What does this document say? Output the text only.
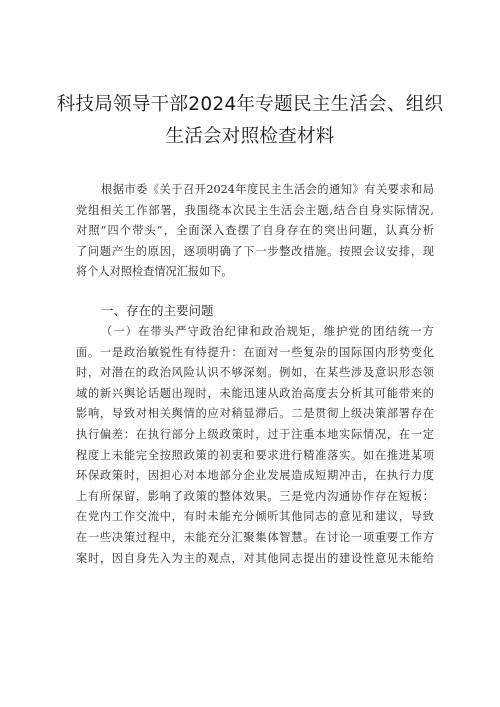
科技局领导干部2024年专题民主生活会、组织
生活会对照检查材料
根据市委《关于召开2024年度民主生活会的通知》有关要求和局
党组相关工作部署，我围绕本次民主生活会主题,结合自身实际情况,
对照“四个带头”，全面深入查摆了自身存在的突出问题，认真分析
了问题产生的原因，逐项明确了下一步整改措施。按照会议安排，现
将个人对照检查情况汇报如下。
一、存在的主要问题
（一）在带头严守政治纪律和政治规矩，维护党的团结统一方
面。一是政治敏锐性有待提升：在面对一些复杂的国际国内形势变化
时，对潜在的政治风险认识不够深刻。例如，在某些涉及意识形态领
域的新兴舆论话题出现时，未能迅速从政治高度去分析其可能带来的
影响，导致对相关舆情的应对稍显滞后。二是贯彻上级决策部署存在
执行偏差：在执行部分上级政策时，过于注重本地实际情况，在一定
程度上未能完全按照政策的初衷和要求进行精准落实。如在推进某项
环保政策时，因担心对本地部分企业发展造成短期冲击，在执行力度
上有所保留，影响了政策的整体效果。三是党内沟通协作存在短板：
在党内工作交流中，有时未能充分倾听其他同志的意见和建议，导致
在一些决策过程中，未能充分汇聚集体智慧。在讨论一项重要工作方
案时，因自身先入为主的观点，对其他同志提出的建设性意见未能给
